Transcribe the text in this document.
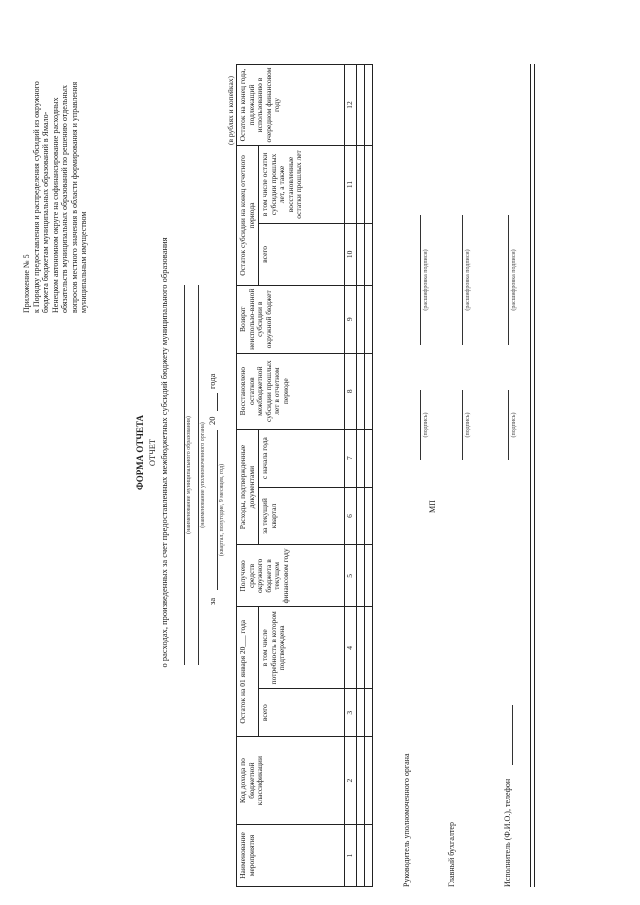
Приложение № 5 к Порядку предоставления и распределения субсидий из окружного бюджета бюджетам муниципальных образований в Ямало- Ненецком автономном округе на софинансирование расходных обязательств муниципальных образований по решению отдельных вопросов местного значения в области формирования и управления муниципальным имуществом
ФОРМА ОТЧЕТА ОТЧЕТ о расходах, произведенных за счет предоставленных межбюджетных субсидий бюджету муниципального образования	(наименование муниципального образования) (наименование уполномоченного органа)
за
20
года
(квартал, полугодие, 9 месяцев, год)
(в рублях и копейках)
Наименование мероприятия	Код дохода по бюджетной классификации	Остаток на 01 января 20___ года		Получено средств окружного бюджета в текущем финансовом году	Расходы, подтвержденные документами		Восстановлено остатков межбюджетной субсидии прошлых лет в отчетном периоде	Возврат неиспользо-ванной субсидии в окружной бюджет	Остаток субсидии на конец отчетного периода		Остаток на конец года, подлежащий использованию в очередном финансовом году
		всего	в том числе потребность в котором подтверждена		за текущий квартал	с начала года			всего	в том числе остатки субсидии прошлых лет, а также восстановленные остатки прошлых лет	
1	2	3	4	5	6	7	8	9	10	11	12

Руководитель уполномоченного органа
(подпись)
(расшифровка подписи)
МП
Главный бухгалтер
(подпись)
(расшифровка подписи)
Исполнитель (Ф.И.О.), телефон
(подпись)
(расшифровка подписи)
